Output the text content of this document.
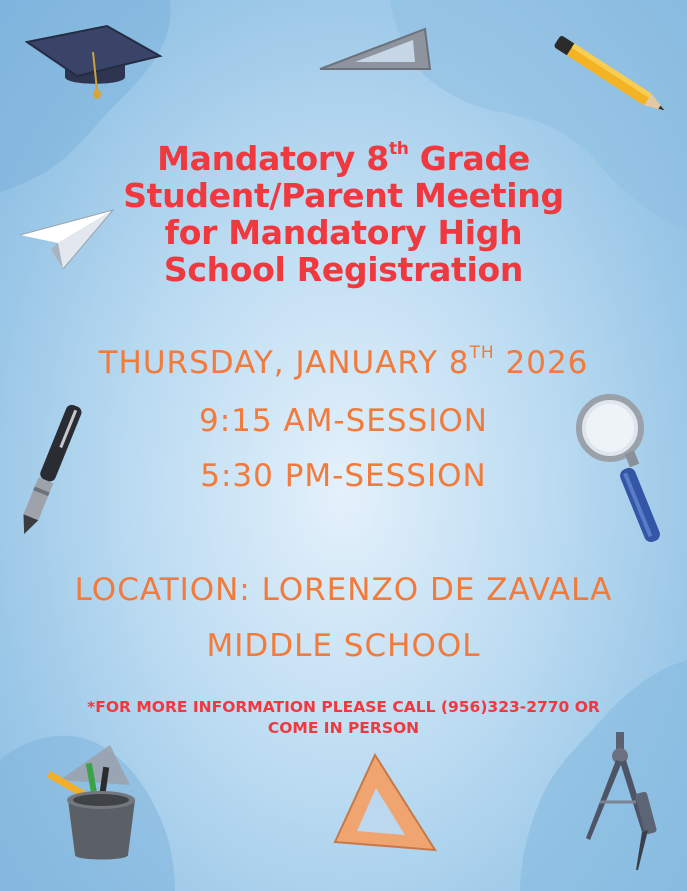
Mandatory 8th Grade
Student/Parent Meeting
for Mandatory High
School Registration
THURSDAY, JANUARY 8TH 2026
9:15 AM-SESSION
5:30 PM-SESSION
LOCATION: LORENZO DE ZAVALA
MIDDLE SCHOOL
*FOR MORE INFORMATION PLEASE CALL (956)323-2770 OR
COME IN PERSON
